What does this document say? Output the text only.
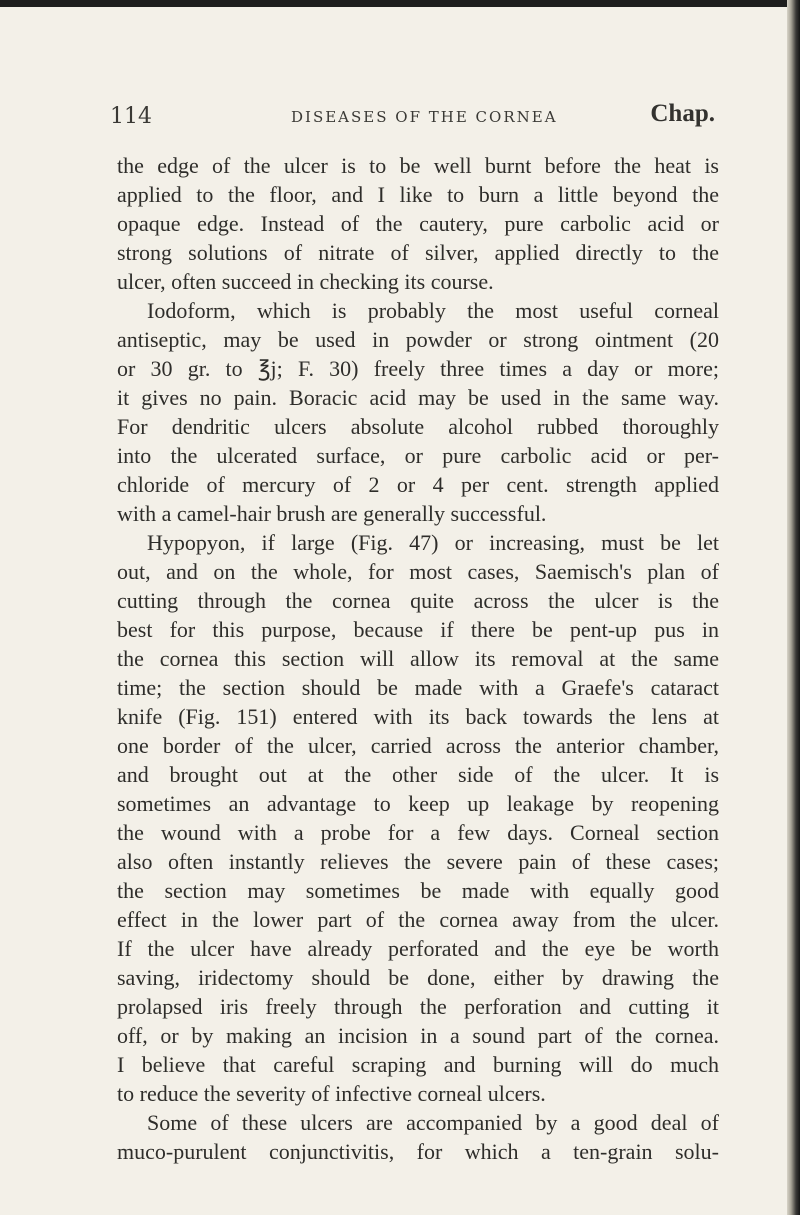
114	DISEASES OF THE CORNEA	Chap.
the edge of the ulcer is to be well burnt before the heat is
applied to the floor, and I like to burn a little beyond the
opaque edge. Instead of the cautery, pure carbolic acid or
strong solutions of nitrate of silver, applied directly to the
ulcer, often succeed in checking its course.
Iodoform, which is probably the most useful corneal
antiseptic, may be used in powder or strong ointment (20
or 30 gr. to ℥j; F. 30) freely three times a day or more;
it gives no pain. Boracic acid may be used in the same way.
For dendritic ulcers absolute alcohol rubbed thoroughly
into the ulcerated surface, or pure carbolic acid or per-
chloride of mercury of 2 or 4 per cent. strength applied
with a camel-hair brush are generally successful.
Hypopyon, if large (Fig. 47) or increasing, must be let
out, and on the whole, for most cases, Saemisch's plan of
cutting through the cornea quite across the ulcer is the
best for this purpose, because if there be pent-up pus in
the cornea this section will allow its removal at the same
time; the section should be made with a Graefe's cataract
knife (Fig. 151) entered with its back towards the lens at
one border of the ulcer, carried across the anterior chamber,
and brought out at the other side of the ulcer. It is
sometimes an advantage to keep up leakage by reopening
the wound with a probe for a few days. Corneal section
also often instantly relieves the severe pain of these cases;
the section may sometimes be made with equally good
effect in the lower part of the cornea away from the ulcer.
If the ulcer have already perforated and the eye be worth
saving, iridectomy should be done, either by drawing the
prolapsed iris freely through the perforation and cutting it
off, or by making an incision in a sound part of the cornea.
I believe that careful scraping and burning will do much
to reduce the severity of infective corneal ulcers.
Some of these ulcers are accompanied by a good deal of
muco-purulent conjunctivitis, for which a ten-grain solu-
